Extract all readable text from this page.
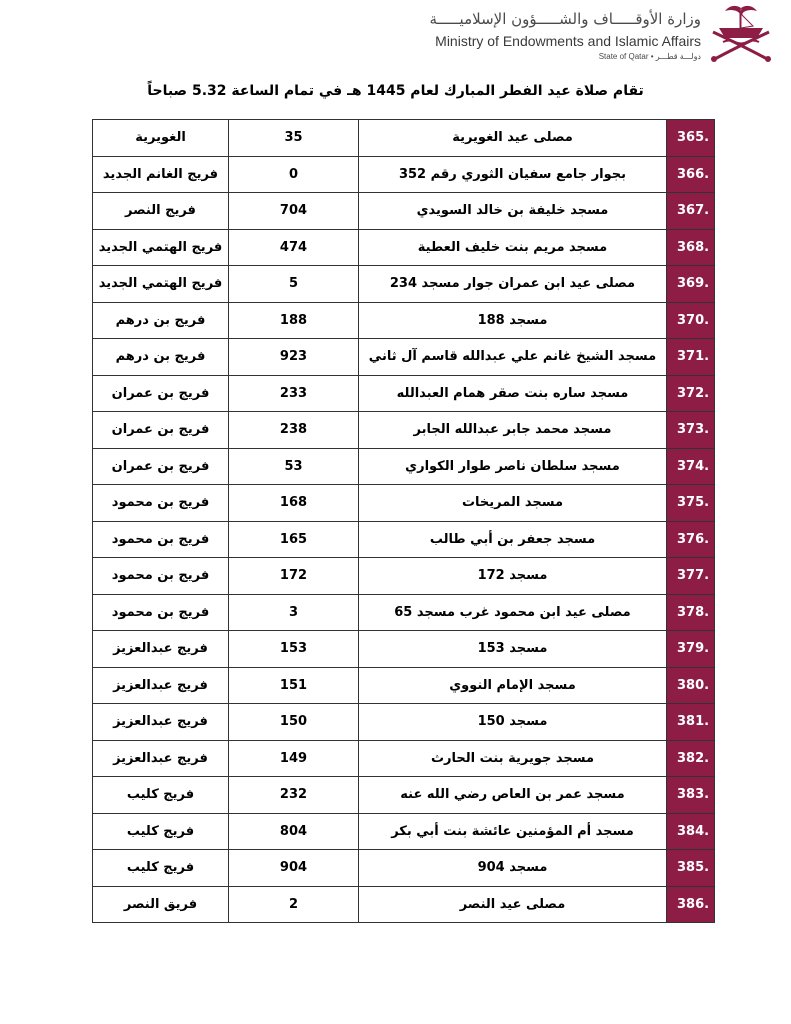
وزارة الأوقـــــاف والشـــــؤون الإسلاميـــــة
Ministry of Endowments and Islamic Affairs
State of Qatar • دولـــة قطـــر
تقام صلاة عيد الفطر المبارك لعام 1445 هـ في تمام الساعة 5.32 صباحاً
365.	مصلى عيد الغويرية	35	الغويرية

366.	بجوار جامع سفيان الثوري رقم 352	0	فريج الغانم الجديد

367.	مسجد خليفة بن خالد السويدي	704	فريج النصر

368.	مسجد مريم بنت خليف العطية	474	فريج الهتمي الجديد

369.	مصلى عيد ابن عمران جوار مسجد 234	5	فريج الهتمي الجديد

370.	مسجد 188	188	فريج بن درهم

371.	مسجد الشيخ غانم علي عبدالله قاسم آل ثاني	923	فريج بن درهم

372.	مسجد ساره بنت صقر همام العبدالله	233	فريج بن عمران

373.	مسجد محمد جابر عبدالله الجابر	238	فريج بن عمران

374.	مسجد سلطان ناصر طوار الكواري	53	فريج بن عمران

375.	مسجد المريخات	168	فريج بن محمود

376.	مسجد جعفر بن أبي طالب	165	فريج بن محمود

377.	مسجد 172	172	فريج بن محمود

378.	مصلى عيد ابن محمود غرب مسجد 65	3	فريج بن محمود

379.	مسجد 153	153	فريج عبدالعزيز

380.	مسجد الإمام النووي	151	فريج عبدالعزيز

381.	مسجد 150	150	فريج عبدالعزيز

382.	مسجد جويرية بنت الحارث	149	فريج عبدالعزيز

383.	مسجد عمر بن العاص رضي الله عنه	232	فريج كليب

384.	مسجد أم المؤمنين عائشة بنت أبي بكر	804	فريج كليب

385.	مسجد 904	904	فريج كليب

386.	مصلى عيد النصر	2	فريق النصر
